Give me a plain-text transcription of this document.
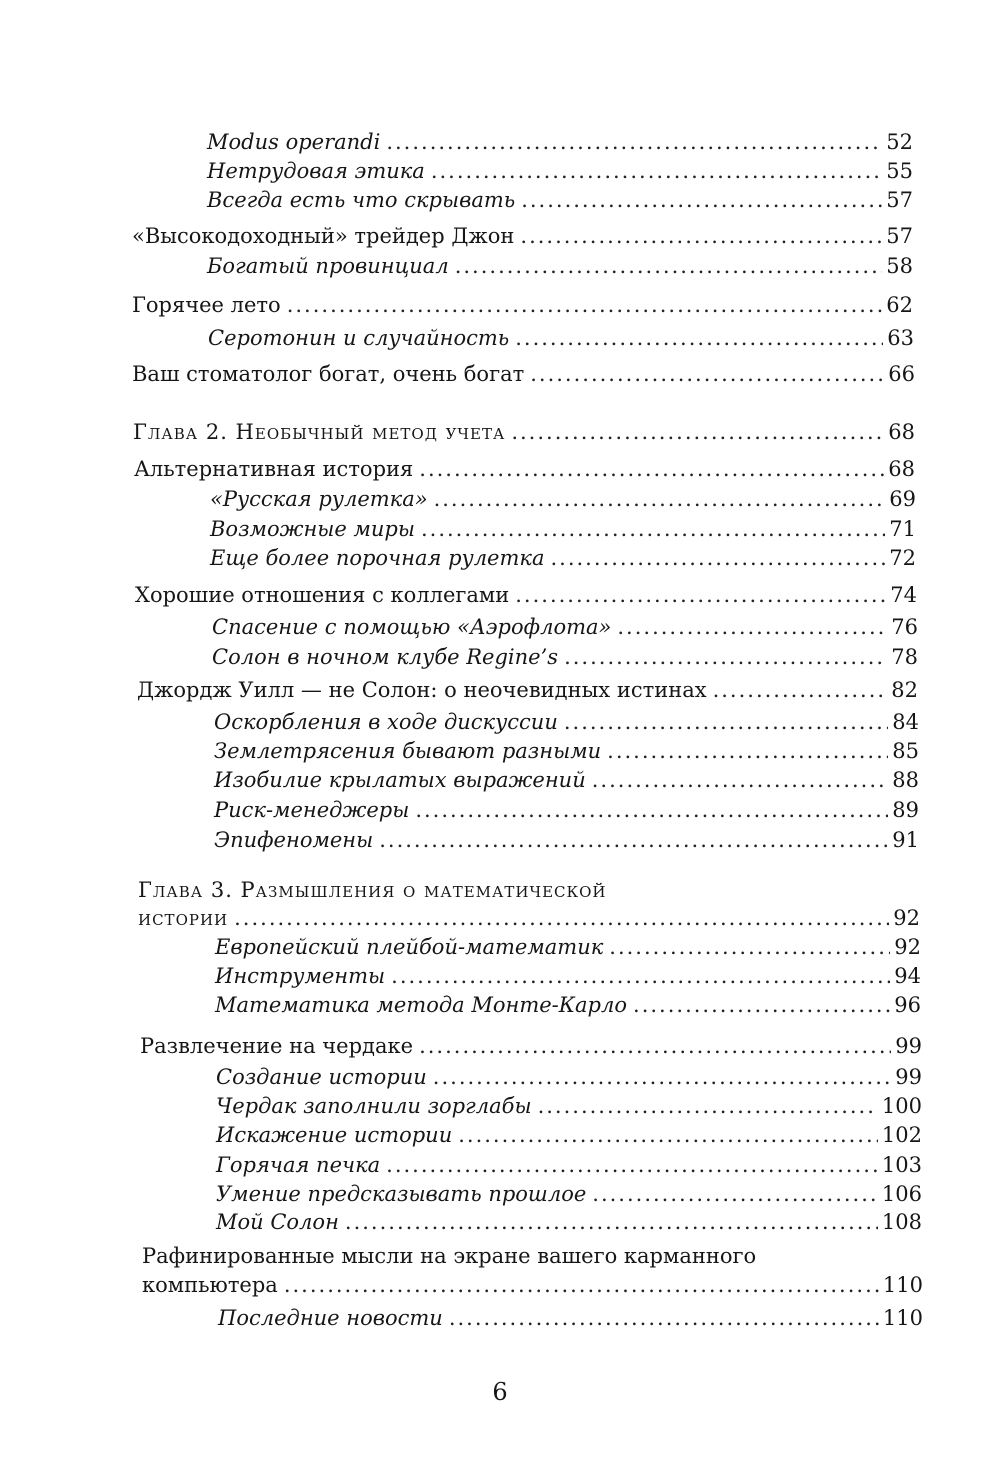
Modus operandi .....	52
Нетрудовая этика .....	55
Всегда есть что скрывать .....	57
«Высокодоходный» трейдер Джон .....	57
Богатый провинциал .....	58
Горячее лето .....	62
Серотонин и случайность .....	63
Ваш стоматолог богат, очень богат .....	66
Глава 2. Необычный метод учета .....	68
Альтернативная история .....	68
«Русская рулетка» .....	69
Возможные миры .....	71
Еще более порочная рулетка .....	72
Хорошие отношения с коллегами .....	74
Спасение с помощью «Аэрофлота» .....	76
Солон в ночном клубе Regine’s .....	78
Джордж Уилл — не Солон: о неочевидных истинах .....	82
Оскорбления в ходе дискуссии .....	84
Землетрясения бывают разными .....	85
Изобилие крылатых выражений .....	88
Риск-менеджеры .....	89
Эпифеномены .....	91
Глава 3. Размышления о математической
истории .....	92
Европейский плейбой-математик .....	92
Инструменты .....	94
Математика метода Монте-Карло .....	96
Развлечение на чердаке .....	99
Создание истории .....	99
Чердак заполнили зорглабы .....	100
Искажение истории .....	102
Горячая печка .....	103
Умение предсказывать прошлое .....	106
Мой Солон .....	108
Рафинированные мысли на экране вашего карманного
компьютера .....	110
Последние новости .....	110
6
